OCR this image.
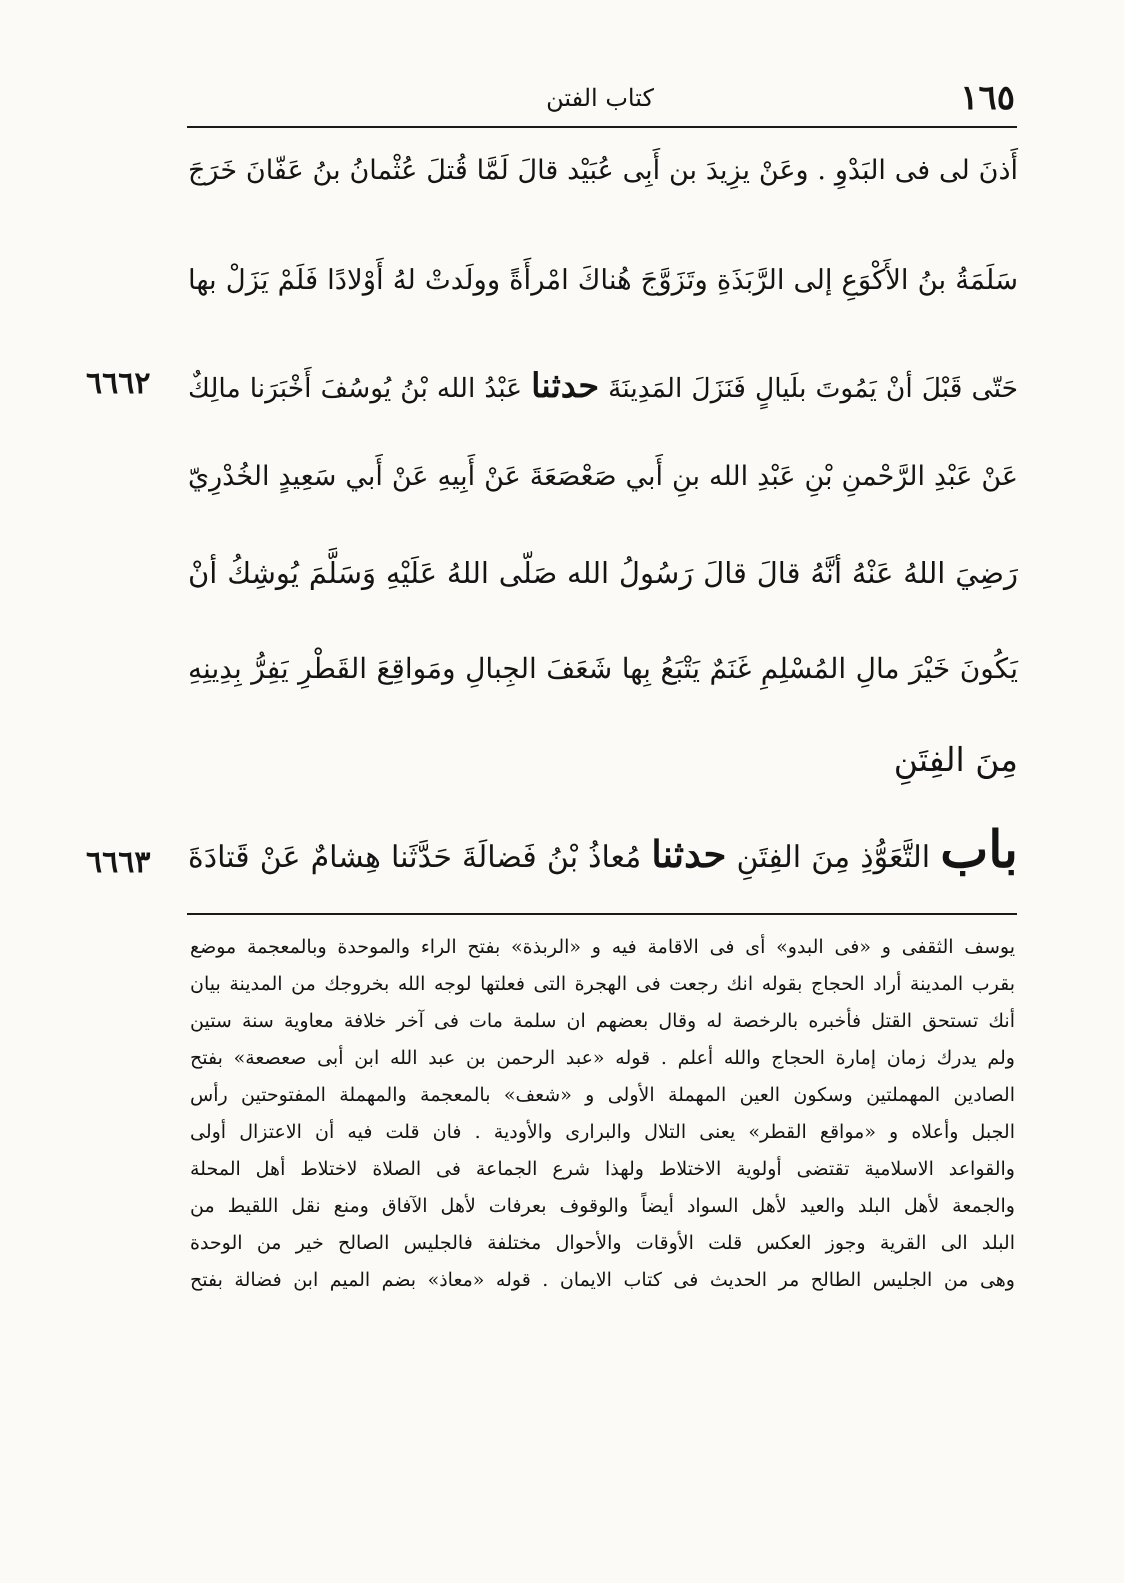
١٦٥
كتاب الفتن
أَذنَ لى فى البَدْوِ . وعَنْ يزِيدَ بن أَبِى عُبَيْد قالَ لَمَّا قُتلَ عُثْمانُ بنُ عَفّانَ خَرَجَ
سَلَمَةُ بنُ الأَكْوَعِ إلى الرَّبَذَةِ وتَزَوَّجَ هُناكَ امْرأَةً وولَدتْ لهُ أَوْلادًا فَلَمْ يَزَلْ بها
حَتّى قَبْلَ أنْ يَمُوتَ بلَيالٍ فَنَزَلَ المَدِينَةَ حدثنا عَبْدُ الله بْنُ يُوسُفَ أَخْبَرَنا مالِكٌ
عَنْ عَبْدِ الرَّحْمنِ بْنِ عَبْدِ الله بنِ أَبي صَعْصَعَةَ عَنْ أَبِيهِ عَنْ أَبي سَعِيدٍ الخُدْرِيّ
رَضِيَ اللهُ عَنْهُ أنَّهُ قالَ قالَ رَسُولُ الله صَلّى اللهُ عَلَيْهِ وَسَلَّمَ يُوشِكُ أنْ
يَكُونَ خَيْرَ مالِ المُسْلِمِ غَنَمٌ يَتْبَعُ بِها شَعَفَ الجِبالِ ومَواقِعَ القَطْرِ يَفِرُّ بِدِينِهِ
مِنَ الفِتَنِ
باب التَّعَوُّذِ مِنَ الفِتَنِ حدثنا مُعاذُ بْنُ فَضالَةَ حَدَّثَنا هِشامٌ عَنْ قَتادَةَ
٦٦٦٢
٦٦٦٣
يوسف الثقفى و «فى البدو» أى فى الاقامة فيه و «الربذة» بفتح الراء والموحدة وبالمعجمة موضع
بقرب المدينة أراد الحجاج بقوله انك رجعت فى الهجرة التى فعلتها لوجه الله بخروجك من المدينة بيان
أنك تستحق القتل فأخبره بالرخصة له وقال بعضهم ان سلمة مات فى آخر خلافة معاوية سنة ستين
ولم يدرك زمان إمارة الحجاج والله أعلم . قوله «عبد الرحمن بن عبد الله ابن أبى صعصعة» بفتح
الصادين المهملتين وسكون العين المهملة الأولى و «شعف» بالمعجمة والمهملة المفتوحتين رأس
الجبل وأعلاه و «مواقع القطر» يعنى التلال والبرارى والأودية . فان قلت فيه أن الاعتزال أولى
والقواعد الاسلامية تقتضى أولوية الاختلاط ولهذا شرع الجماعة فى الصلاة لاختلاط أهل المحلة
والجمعة لأهل البلد والعيد لأهل السواد أيضاً والوقوف بعرفات لأهل الآفاق ومنع نقل اللقيط من
البلد الى القرية وجوز العكس قلت الأوقات والأحوال مختلفة فالجليس الصالح خير من الوحدة
وهى من الجليس الطالح مر الحديث فى كتاب الايمان . قوله «معاذ» بضم الميم ابن فضالة بفتح
